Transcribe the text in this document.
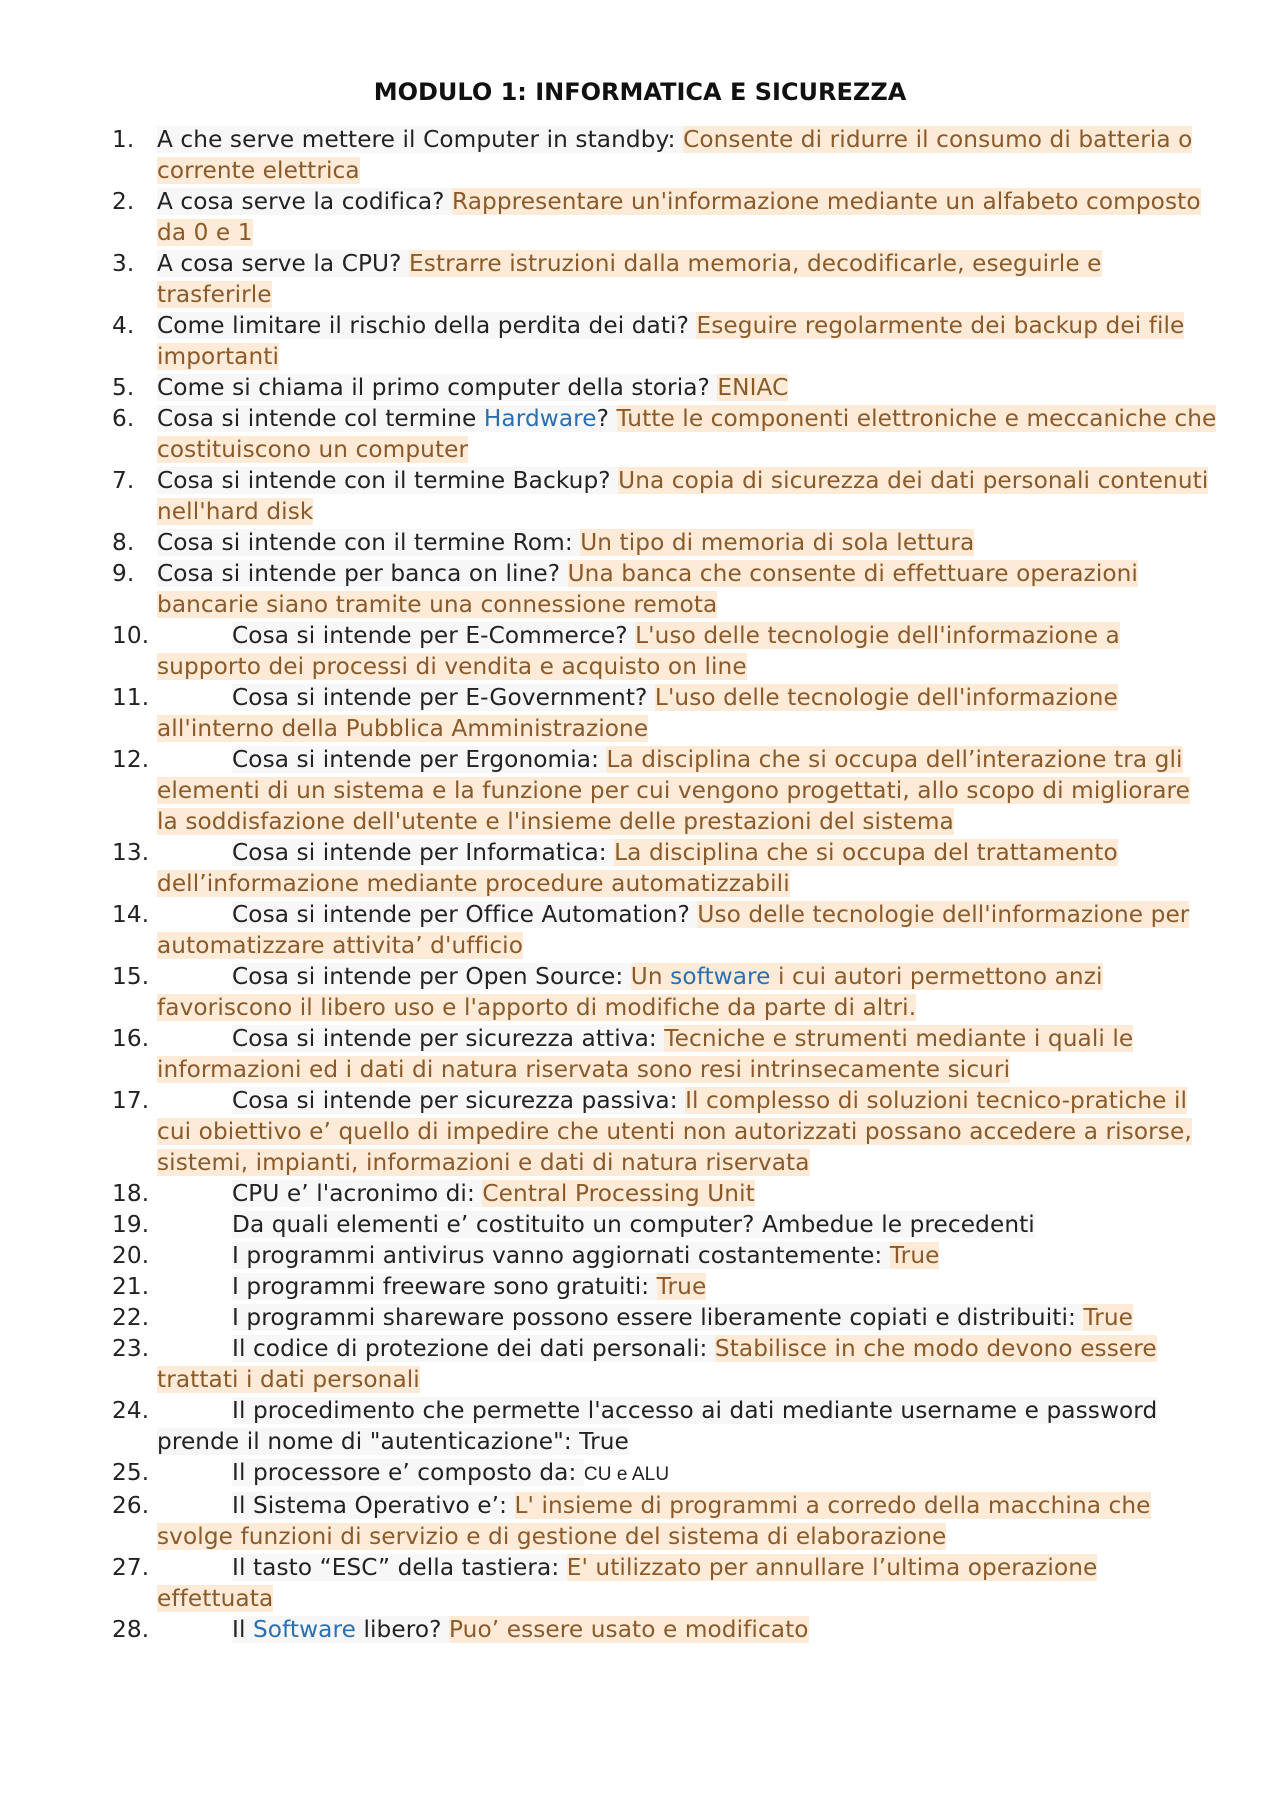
MODULO 1: INFORMATICA E SICUREZZA
1. A che serve mettere il Computer in standby: Consente di ridurre il consumo di batteria o corrente elettrica
2. A cosa serve la codifica? Rappresentare un'informazione mediante un alfabeto composto da 0 e 1
3. A cosa serve la CPU? Estrarre istruzioni dalla memoria, decodificarle, eseguirle e trasferirle
4. Come limitare il rischio della perdita dei dati? Eseguire regolarmente dei backup dei file importanti
5. Come si chiama il primo computer della storia? ENIAC
6. Cosa si intende col termine Hardware? Tutte le componenti elettroniche e meccaniche che costituiscono un computer
7. Cosa si intende con il termine Backup? Una copia di sicurezza dei dati personali contenuti nell'hard disk
8. Cosa si intende con il termine Rom: Un tipo di memoria di sola lettura
9. Cosa si intende per banca on line? Una banca che consente di effettuare operazioni bancarie siano tramite una connessione remota
10.	Cosa si intende per E-Commerce? L'uso delle tecnologie dell'informazione a supporto dei processi di vendita e acquisto on line
11.	Cosa si intende per E-Government? L'uso delle tecnologie dell'informazione all'interno della Pubblica Amministrazione
12.	Cosa si intende per Ergonomia: La disciplina che si occupa dell’interazione tra gli elementi di un sistema e la funzione per cui vengono progettati, allo scopo di migliorare la soddisfazione dell'utente e l'insieme delle prestazioni del sistema
13.	Cosa si intende per Informatica: La disciplina che si occupa del trattamento dell’informazione mediante procedure automatizzabili
14.	Cosa si intende per Office Automation? Uso delle tecnologie dell'informazione per automatizzare attivita’ d'ufficio
15.	Cosa si intende per Open Source: Un software i cui autori permettono anzi favoriscono il libero uso e l'apporto di modifiche da parte di altri.
16.	Cosa si intende per sicurezza attiva: Tecniche e strumenti mediante i quali le informazioni ed i dati di natura riservata sono resi intrinsecamente sicuri
17.	Cosa si intende per sicurezza passiva: Il complesso di soluzioni tecnico-pratiche il cui obiettivo e’ quello di impedire che utenti non autorizzati possano accedere a risorse, sistemi, impianti, informazioni e dati di natura riservata
18.	CPU e’ l'acronimo di: Central Processing Unit
19.	Da quali elementi e’ costituito un computer? Ambedue le precedenti
20.	I programmi antivirus vanno aggiornati costantemente: True
21.	I programmi freeware sono gratuiti: True
22.	I programmi shareware possono essere liberamente copiati e distribuiti: True
23.	Il codice di protezione dei dati personali: Stabilisce in che modo devono essere trattati i dati personali
24.	Il procedimento che permette l'accesso ai dati mediante username e password prende il nome di "autenticazione": True
25.	Il processore e’ composto da: CU e ALU
26.	Il Sistema Operativo e’: L' insieme di programmi a corredo della macchina che svolge funzioni di servizio e di gestione del sistema di elaborazione
27.	Il tasto “ESC” della tastiera: E' utilizzato per annullare l’ultima operazione effettuata
28.	Il Software libero? Puo’ essere usato e modificato
